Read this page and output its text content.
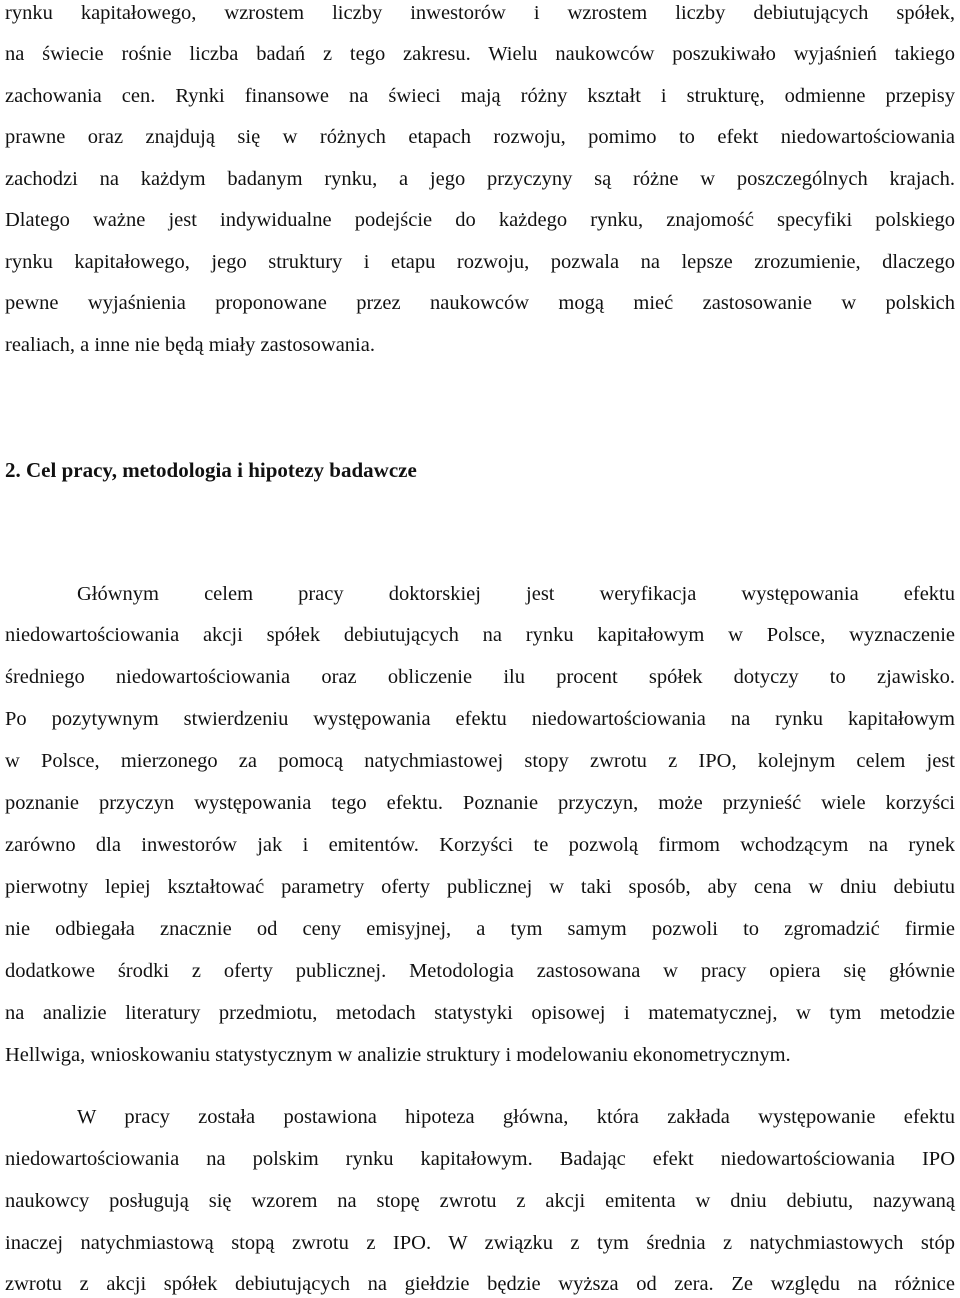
rynku kapitałowego, wzrostem liczby inwestorów i wzrostem liczby debiutujących spółek,
na świecie rośnie liczba badań z tego zakresu. Wielu naukowców poszukiwało wyjaśnień takiego
zachowania cen. Rynki finansowe na świeci mają różny kształt i strukturę, odmienne przepisy
prawne oraz znajdują się w różnych etapach rozwoju, pomimo to efekt niedowartościowania
zachodzi na każdym badanym rynku, a jego przyczyny są różne w poszczególnych krajach.
Dlatego ważne jest indywidualne podejście do każdego rynku, znajomość specyfiki polskiego
rynku kapitałowego, jego struktury i etapu rozwoju, pozwala na lepsze zrozumienie, dlaczego
pewne wyjaśnienia proponowane przez naukowców mogą mieć zastosowanie w polskich
realiach, a inne nie będą miały zastosowania.
2. Cel pracy, metodologia i hipotezy badawcze
Głównym celem pracy doktorskiej jest weryfikacja występowania efektu
niedowartościowania akcji spółek debiutujących na rynku kapitałowym w Polsce, wyznaczenie
średniego niedowartościowania oraz obliczenie ilu procent spółek dotyczy to zjawisko.
Po pozytywnym stwierdzeniu występowania efektu niedowartościowania na rynku kapitałowym
w Polsce, mierzonego za pomocą natychmiastowej stopy zwrotu z IPO, kolejnym celem jest
poznanie przyczyn występowania tego efektu. Poznanie przyczyn, może przynieść wiele korzyści
zarówno dla inwestorów jak i emitentów. Korzyści te pozwolą firmom wchodzącym na rynek
pierwotny lepiej kształtować parametry oferty publicznej w taki sposób, aby cena w dniu debiutu
nie odbiegała znacznie od ceny emisyjnej, a tym samym pozwoli to zgromadzić firmie
dodatkowe środki z oferty publicznej. Metodologia zastosowana w pracy opiera się głównie
na analizie literatury przedmiotu, metodach statystyki opisowej i matematycznej, w tym metodzie
Hellwiga, wnioskowaniu statystycznym w analizie struktury i modelowaniu ekonometrycznym.
W pracy została postawiona hipoteza główna, która zakłada występowanie efektu
niedowartościowania na polskim rynku kapitałowym. Badając efekt niedowartościowania IPO
naukowcy posługują się wzorem na stopę zwrotu z akcji emitenta w dniu debiutu, nazywaną
inaczej natychmiastową stopą zwrotu z IPO. W związku z tym średnia z natychmiastowych stóp
zwrotu z akcji spółek debiutujących na giełdzie będzie wyższa od zera. Ze względu na różnice
